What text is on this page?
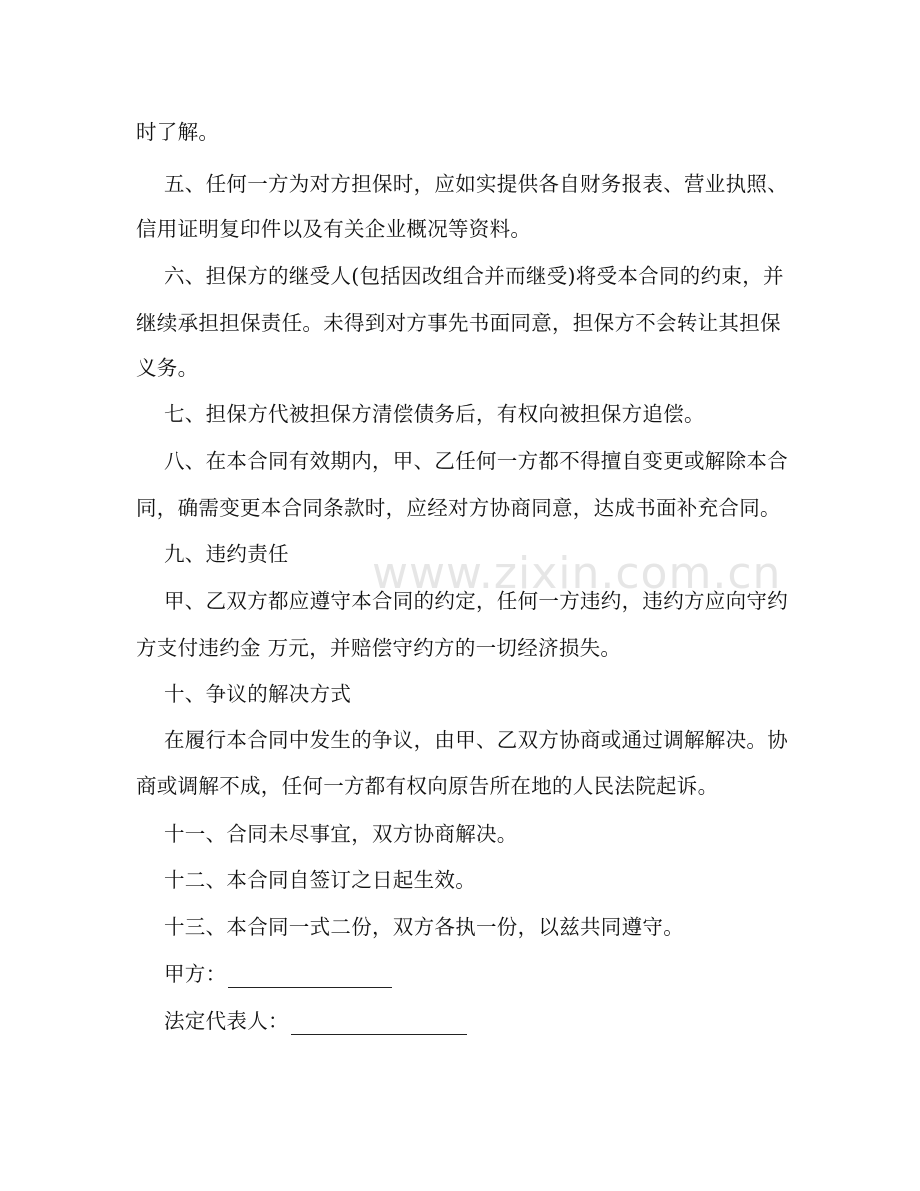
时了解。
五、任何一方为对方担保时，应如实提供各自财务报表、营业执照、
信用证明复印件以及有关企业概况等资料。
六、担保方的继受人(包括因改组合并而继受)将受本合同的约束，并
继续承担担保责任。未得到对方事先书面同意，担保方不会转让其担保
义务。
七、担保方代被担保方清偿债务后，有权向被担保方追偿。
八、在本合同有效期内，甲、乙任何一方都不得擅自变更或解除本合
同，确需变更本合同条款时，应经对方协商同意，达成书面补充合同。
九、违约责任
甲、乙双方都应遵守本合同的约定，任何一方违约，违约方应向守约
方支付违约金 万元，并赔偿守约方的一切经济损失。
十、争议的解决方式
在履行本合同中发生的争议，由甲、乙双方协商或通过调解解决。协
商或调解不成，任何一方都有权向原告所在地的人民法院起诉。
十一、合同未尽事宜，双方协商解决。
十二、本合同自签订之日起生效。
十三、本合同一式二份，双方各执一份，以兹共同遵守。
甲方：
法定代表人：
www.zixin.com.cn
